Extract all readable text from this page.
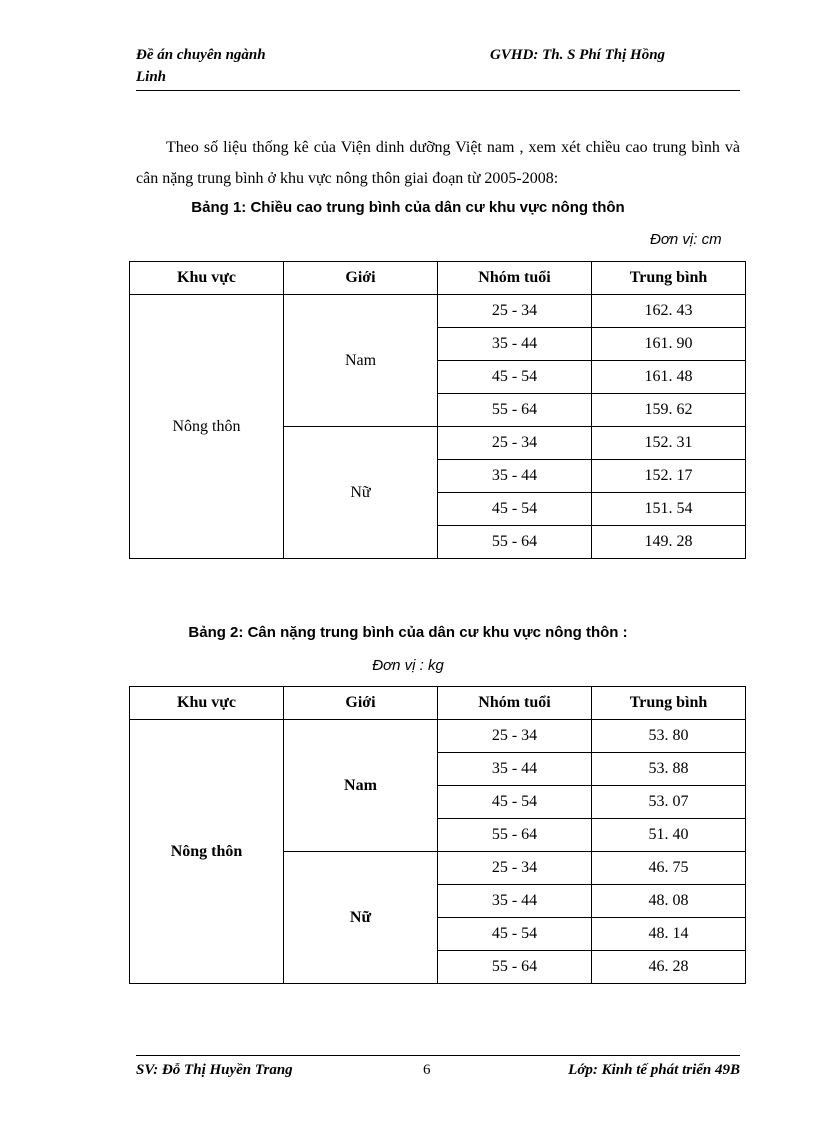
Đề án chuyên ngành
Linh
GVHD: Th. S Phí Thị Hồng

Theo số liệu thống kê của Viện dinh dưỡng Việt nam , xem xét chiều cao trung bình và cân nặng trung bình ở khu vực nông thôn giai đoạn từ 2005-2008:

Bảng 1: Chiều cao trung bình của dân cư khu vực nông thôn
Đơn vị: cm
Khu vực	Giới	Nhóm tuổi	Trung bình
Nông thôn	Nam	25 - 34	162. 43
		35 - 44	161. 90
		45 - 54	161. 48
		55 - 64	159. 62
	Nữ	25 - 34	152. 31
		35 - 44	152. 17
		45 - 54	151. 54
		55 - 64	149. 28
Bảng 2: Cân nặng trung bình của dân cư khu vực nông thôn :
Đơn vị : kg
Khu vực	Giới	Nhóm tuổi	Trung bình
Nông thôn	Nam	25 - 34	53. 80
		35 - 44	53. 88
		45 - 54	53. 07
		55 - 64	51. 40
	Nữ	25 - 34	46. 75
		35 - 44	48. 08
		45 - 54	48. 14
		55 - 64	46. 28
SV: Đỗ Thị Huyền Trang	6	Lớp: Kinh tế phát triển 49B
